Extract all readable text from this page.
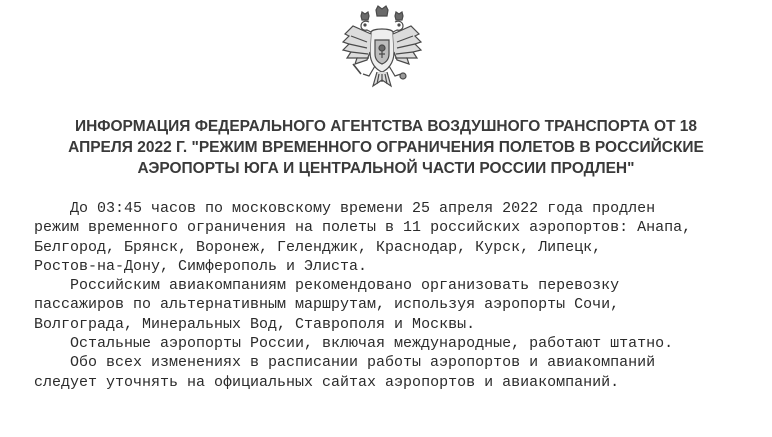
ИНФОРМАЦИЯ ФЕДЕРАЛЬНОГО АГЕНТСТВА ВОЗДУШНОГО ТРАНСПОРТА ОТ 18
АПРЕЛЯ 2022 Г. "РЕЖИМ ВРЕМЕННОГО ОГРАНИЧЕНИЯ ПОЛЕТОВ В РОССИЙСКИЕ
АЭРОПОРТЫ ЮГА И ЦЕНТРАЛЬНОЙ ЧАСТИ РОССИИ ПРОДЛЕН"
До 03:45 часов по московскому времени 25 апреля 2022 года продлен
режим временного ограничения на полеты в 11 российских аэропортов: Анапа,
Белгород, Брянск, Воронеж, Геленджик, Краснодар, Курск, Липецк,
Ростов-на-Дону, Симферополь и Элиста.
Российским авиакомпаниям рекомендовано организовать перевозку
пассажиров по альтернативным маршрутам, используя аэропорты Сочи,
Волгограда, Минеральных Вод, Ставрополя и Москвы.
Остальные аэропорты России, включая международные, работают штатно.
Обо всех изменениях в расписании работы аэропортов и авиакомпаний
следует уточнять на официальных сайтах аэропортов и авиакомпаний.
